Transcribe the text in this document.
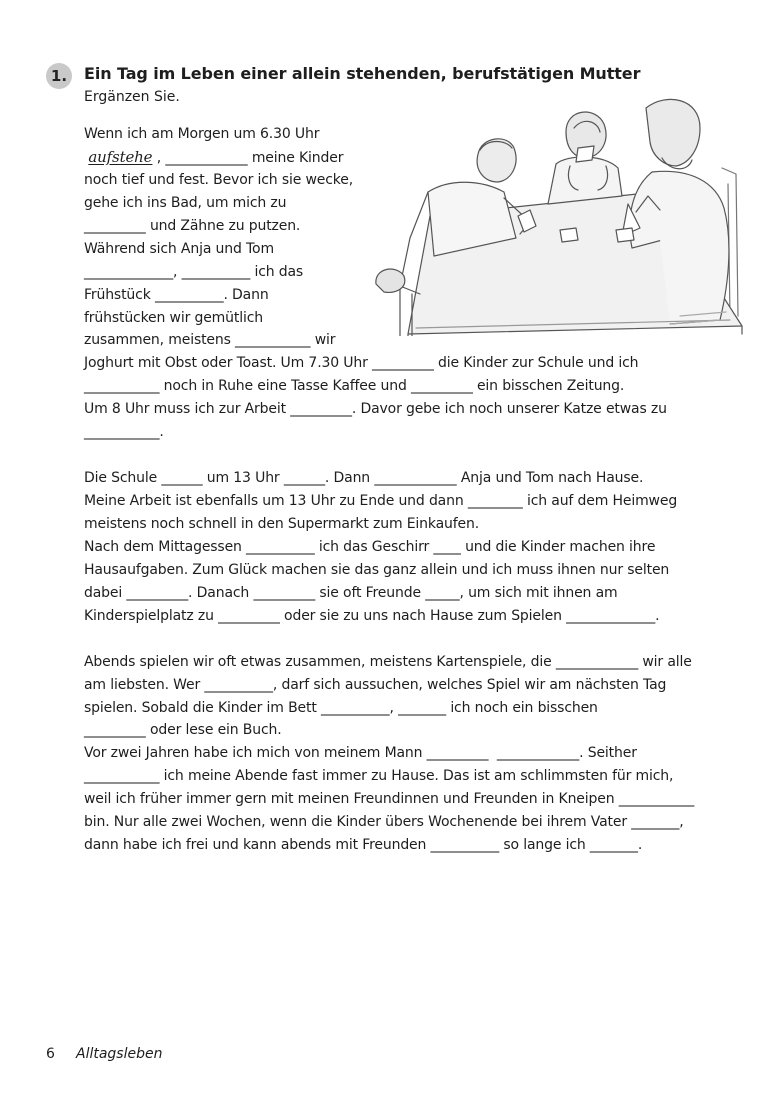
1.	Ein Tag im Leben einer allein stehenden, berufstätigen Mutter
Ergänzen Sie.
Wenn ich am Morgen um 6.30 Uhr
aufstehe , ____________ meine Kinder
noch tief und fest. Bevor ich sie wecke,
gehe ich ins Bad, um mich zu
_________ und Zähne zu putzen.
Während sich Anja und Tom
_____________, __________ ich das
Frühstück __________. Dann
frühstücken wir gemütlich
zusammen, meistens ___________ wir
Joghurt mit Obst oder Toast. Um 7.30 Uhr _________ die Kinder zur Schule und ich
___________ noch in Ruhe eine Tasse Kaffee und _________ ein bisschen Zeitung.
Um 8 Uhr muss ich zur Arbeit _________. Davor gebe ich noch unserer Katze etwas zu
___________.
Die Schule ______ um 13 Uhr ______. Dann ____________ Anja und Tom nach Hause.
Meine Arbeit ist ebenfalls um 13 Uhr zu Ende und dann ________ ich auf dem Heimweg
meistens noch schnell in den Supermarkt zum Einkaufen.
Nach dem Mittagessen __________ ich das Geschirr ____ und die Kinder machen ihre
Hausaufgaben. Zum Glück machen sie das ganz allein und ich muss ihnen nur selten
dabei _________. Danach _________ sie oft Freunde _____, um sich mit ihnen am
Kinderspielplatz zu _________ oder sie zu uns nach Hause zum Spielen _____________.
Abends spielen wir oft etwas zusammen, meistens Kartenspiele, die ____________ wir alle
am liebsten. Wer __________, darf sich aussuchen, welches Spiel wir am nächsten Tag
spielen. Sobald die Kinder im Bett __________, _______ ich noch ein bisschen
_________ oder lese ein Buch.
Vor zwei Jahren habe ich mich von meinem Mann _________  ____________. Seither
___________ ich meine Abende fast immer zu Hause. Das ist am schlimmsten für mich,
weil ich früher immer gern mit meinen Freundinnen und Freunden in Kneipen ___________
bin. Nur alle zwei Wochen, wenn die Kinder übers Wochenende bei ihrem Vater _______,
dann habe ich frei und kann abends mit Freunden __________ so lange ich _______.
6 Alltagsleben
